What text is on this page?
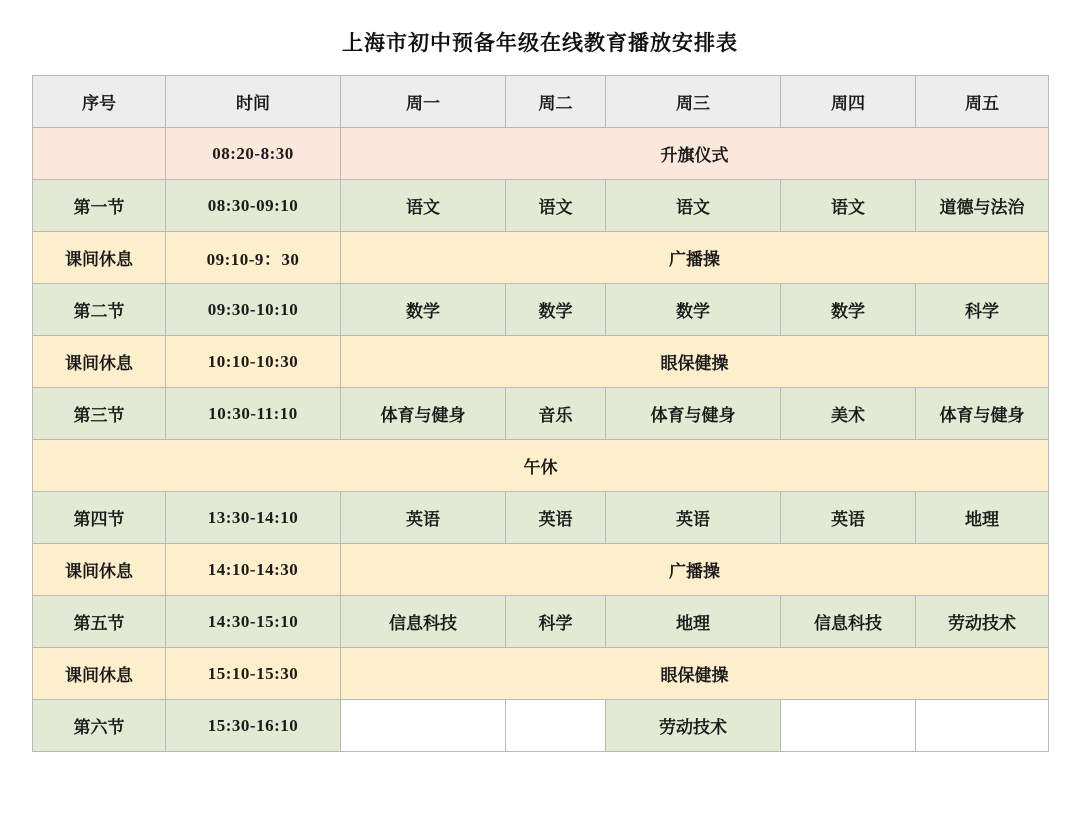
上海市初中预备年级在线教育播放安排表
序号	时间	周一	周二	周三	周四	周五
	08:20-8:30	升旗仪式				
第一节	08:30-09:10	语文	语文	语文	语文	道德与法治
课间休息	09:10-9：30	广播操				
第二节	09:30-10:10	数学	数学	数学	数学	科学
课间休息	10:10-10:30	眼保健操				
第三节	10:30-11:10	体育与健身	音乐	体育与健身	美术	体育与健身
午休						
第四节	13:30-14:10	英语	英语	英语	英语	地理
课间休息	14:10-14:30	广播操				
第五节	14:30-15:10	信息科技	科学	地理	信息科技	劳动技术
课间休息	15:10-15:30	眼保健操				
第六节	15:30-16:10			劳动技术		
